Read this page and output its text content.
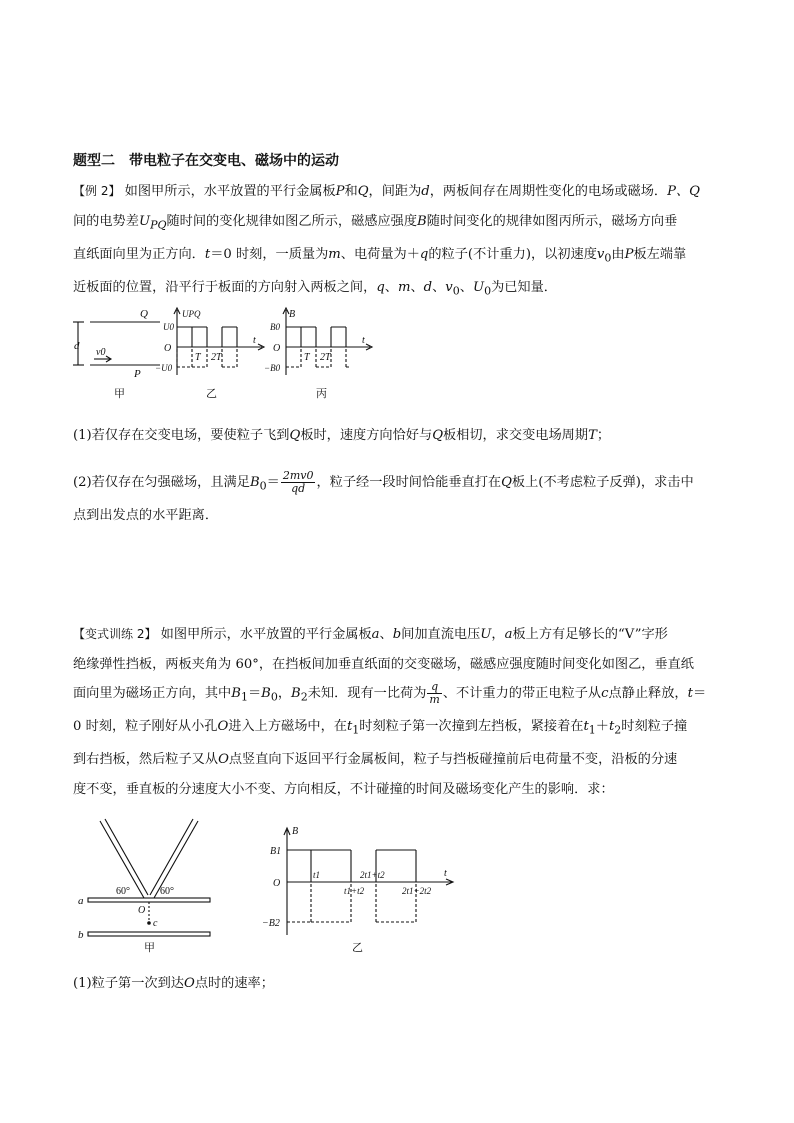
题型二　带电粒子在交变电、磁场中的运动
【例 2】 如图甲所示，水平放置的平行金属板P和Q，间距为d，两板间存在周期性变化的电场或磁场．P、Q
间的电势差$U_{PQ}$随时间的变化规律如图乙所示，磁感应强度B随时间变化的规律如图丙所示，磁场方向垂
直纸面向里为正方向．t＝0 时刻，一质量为m、电荷量为＋q的粒子(不计重力)，以初速度$v_0$由P板左端靠
近板面的位置，沿平行于板面的方向射入两板之间，q、m、d、$v_0$、$U_0$为已知量．
Q
P
d
v0
甲
UPQ
U0
O
−U0
T 2T
t
乙
B
B0
O
−B0
T 2T
t
丙
(1)若仅存在交变电场，要使粒子飞到Q板时，速度方向恰好与Q板相切，求交变电场周期T；
(2)若仅存在匀强磁场，且满足$B_0= \frac{2mv0}{qd}$ ，粒子经一段时间恰能垂直打在Q板上(不考虑粒子反弹)，求击中
点到出发点的水平距离．
【变式训练 2】 如图甲所示，水平放置的平行金属板a、b间加直流电压U，a板上方有足够长的“V”字形
绝缘弹性挡板，两板夹角为 60°，在挡板间加垂直纸面的交变磁场，磁感应强度随时间变化如图乙，垂直纸
面向里为磁场正方向，其中$B_1=B_0$，$B_2$未知．现有一比荷为 $\frac{q}{m}$ 、不计重力的带正电粒子从c点静止释放，t＝
0 时刻，粒子刚好从小孔O进入上方磁场中，在$t_1$时刻粒子第一次撞到左挡板，紧接着在$t_1+t_2$时刻粒子撞
到右挡板，然后粒子又从O点竖直向下返回平行金属板间，粒子与挡板碰撞前后电荷量不变，沿板的分速
度不变，垂直板的分速度大小不变、方向相反，不计碰撞的时间及磁场变化产生的影响．求：
60°	60°
a
b
O
c
甲
B
B1
O
−B2
t
t1
t1+t2
2t1+t2
2t1+2t2
乙
(1)粒子第一次到达O点时的速率；
